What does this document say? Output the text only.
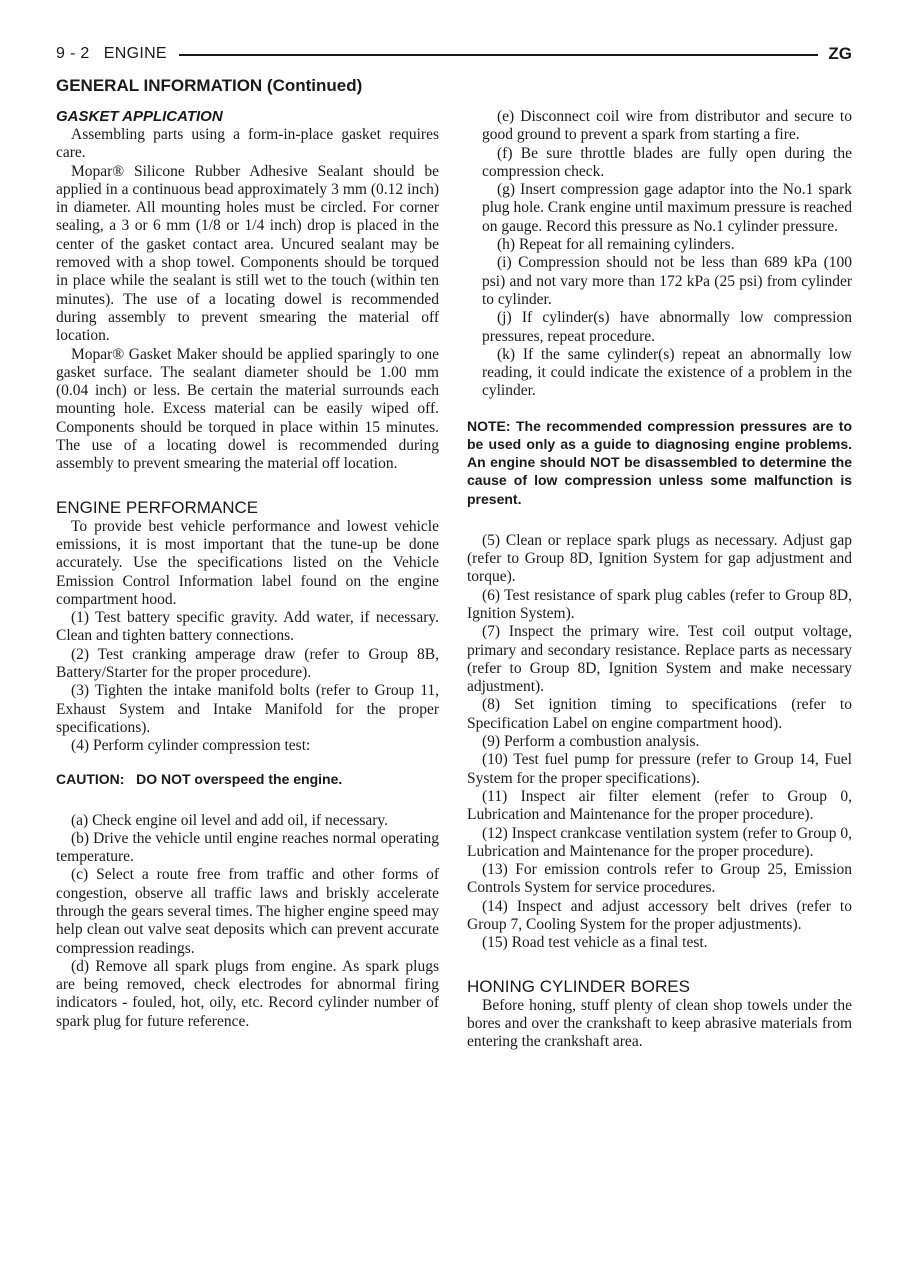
9 - 2 ENGINE	ZG
GENERAL INFORMATION (Continued)
GASKET APPLICATION

Assembling parts using a form-in-place gasket requires care.

Mopar® Silicone Rubber Adhesive Sealant should be applied in a continuous bead approximately 3 mm (0.12 inch) in diameter. All mounting holes must be circled. For corner sealing, a 3 or 6 mm (1/8 or 1/4 inch) drop is placed in the center of the gasket contact area. Uncured sealant may be removed with a shop towel. Components should be torqued in place while the sealant is still wet to the touch (within ten minutes). The use of a locating dowel is recommended during assembly to prevent smearing the material off location.

Mopar® Gasket Maker should be applied sparingly to one gasket surface. The sealant diameter should be 1.00 mm (0.04 inch) or less. Be certain the material surrounds each mounting hole. Excess material can be easily wiped off. Components should be torqued in place within 15 minutes. The use of a locating dowel is recommended during assembly to prevent smearing the material off location.

ENGINE PERFORMANCE

To provide best vehicle performance and lowest vehicle emissions, it is most important that the tune-up be done accurately. Use the specifications listed on the Vehicle Emission Control Information label found on the engine compartment hood.

(1) Test battery specific gravity. Add water, if necessary. Clean and tighten battery connections.

(2) Test cranking amperage draw (refer to Group 8B, Battery/Starter for the proper procedure).

(3) Tighten the intake manifold bolts (refer to Group 11, Exhaust System and Intake Manifold for the proper specifications).

(4) Perform cylinder compression test:

CAUTION:   DO NOT overspeed the engine.

(a) Check engine oil level and add oil, if necessary.

(b) Drive the vehicle until engine reaches normal operating temperature.

(c) Select a route free from traffic and other forms of congestion, observe all traffic laws and briskly accelerate through the gears several times. The higher engine speed may help clean out valve seat deposits which can prevent accurate compression readings.

(d) Remove all spark plugs from engine. As spark plugs are being removed, check electrodes for abnormal firing indicators - fouled, hot, oily, etc. Record cylinder number of spark plug for future reference.

(e) Disconnect coil wire from distributor and secure to good ground to prevent a spark from starting a fire.

(f) Be sure throttle blades are fully open during the compression check.

(g) Insert compression gage adaptor into the No.1 spark plug hole. Crank engine until maximum pressure is reached on gauge. Record this pressure as No.1 cylinder pressure.

(h) Repeat for all remaining cylinders.

(i) Compression should not be less than 689 kPa (100 psi) and not vary more than 172 kPa (25 psi) from cylinder to cylinder.

(j) If cylinder(s) have abnormally low compression pressures, repeat procedure.

(k) If the same cylinder(s) repeat an abnormally low reading, it could indicate the existence of a problem in the cylinder.

NOTE: The recommended compression pressures are to be used only as a guide to diagnosing engine problems. An engine should NOT be disassembled to determine the cause of low compression unless some malfunction is present.

(5) Clean or replace spark plugs as necessary. Adjust gap (refer to Group 8D, Ignition System for gap adjustment and torque).

(6) Test resistance of spark plug cables (refer to Group 8D, Ignition System).

(7) Inspect the primary wire. Test coil output voltage, primary and secondary resistance. Replace parts as necessary (refer to Group 8D, Ignition System and make necessary adjustment).

(8) Set ignition timing to specifications (refer to Specification Label on engine compartment hood).

(9) Perform a combustion analysis.

(10) Test fuel pump for pressure (refer to Group 14, Fuel System for the proper specifications).

(11) Inspect air filter element (refer to Group 0, Lubrication and Maintenance for the proper procedure).

(12) Inspect crankcase ventilation system (refer to Group 0, Lubrication and Maintenance for the proper procedure).

(13) For emission controls refer to Group 25, Emission Controls System for service procedures.

(14) Inspect and adjust accessory belt drives (refer to Group 7, Cooling System for the proper adjustments).

(15) Road test vehicle as a final test.

HONING CYLINDER BORES

Before honing, stuff plenty of clean shop towels under the bores and over the crankshaft to keep abrasive materials from entering the crankshaft area.
